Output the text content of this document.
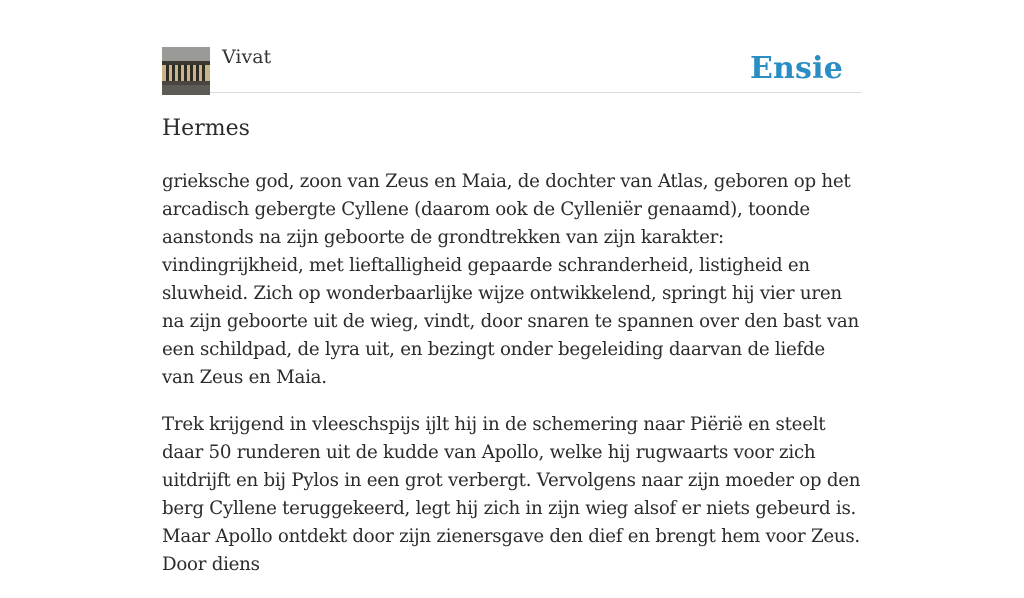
Vivat	Ensie
Hermes

grieksche god, zoon van Zeus en Maia, de dochter van Atlas, geboren op het arcadisch gebergte Cyllene (daarom ook de Cylleniër genaamd), toonde aanstonds na zijn geboorte de grondtrekken van zijn karakter: vindingrijkheid, met lieftalligheid gepaarde schranderheid, listigheid en sluwheid. Zich op wonderbaarlijke wijze ontwikkelend, springt hij vier uren na zijn geboorte uit de wieg, vindt, door snaren te spannen over den bast van een schildpad, de lyra uit, en bezingt onder begeleiding daarvan de liefde van Zeus en Maia.

Trek krijgend in vleeschspijs ijlt hij in de schemering naar Piërië en steelt daar 50 runderen uit de kudde van Apollo, welke hij rugwaarts voor zich uitdrijft en bij Pylos in een grot verbergt. Vervolgens naar zijn moeder op den berg Cyllene teruggekeerd, legt hij zich in zijn wieg alsof er niets gebeurd is. Maar Apollo ontdekt door zijn zienersgave den dief en brengt hem voor Zeus. Door diens
